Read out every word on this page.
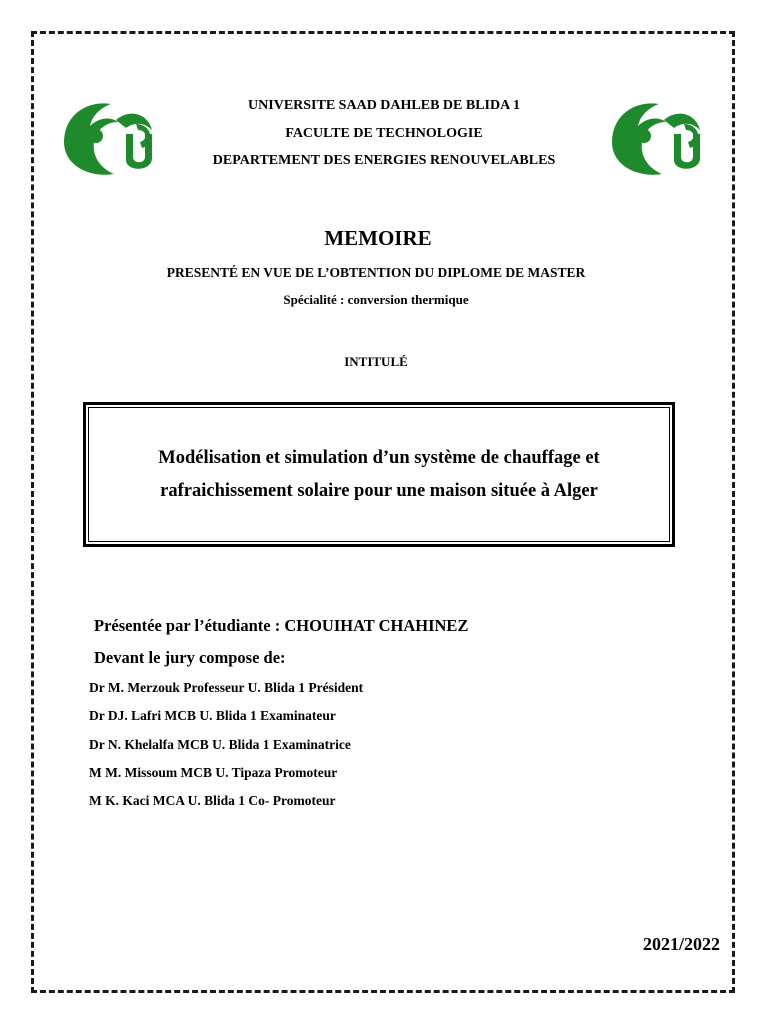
UNIVERSITE SAAD DAHLEB DE BLIDA 1
FACULTE DE TECHNOLOGIE
DEPARTEMENT DES ENERGIES RENOUVELABLES
MEMOIRE
PRESENTÉ EN VUE DE L’OBTENTION DU DIPLOME DE MASTER
Spécialité : conversion thermique
INTITULÉ
Modélisation et simulation d’un système de chauffage et
rafraichissement solaire pour une maison située à Alger
Présentée par l’étudiante : CHOUIHAT CHAHINEZ
Devant le jury compose de:
Dr M. Merzouk Professeur U. Blida 1 Président
Dr DJ. Lafri MCB U. Blida 1 Examinateur
Dr N. Khelalfa MCB U. Blida 1 Examinatrice
M M. Missoum MCB U. Tipaza Promoteur
M K. Kaci MCA U. Blida 1 Co- Promoteur
2021/2022
